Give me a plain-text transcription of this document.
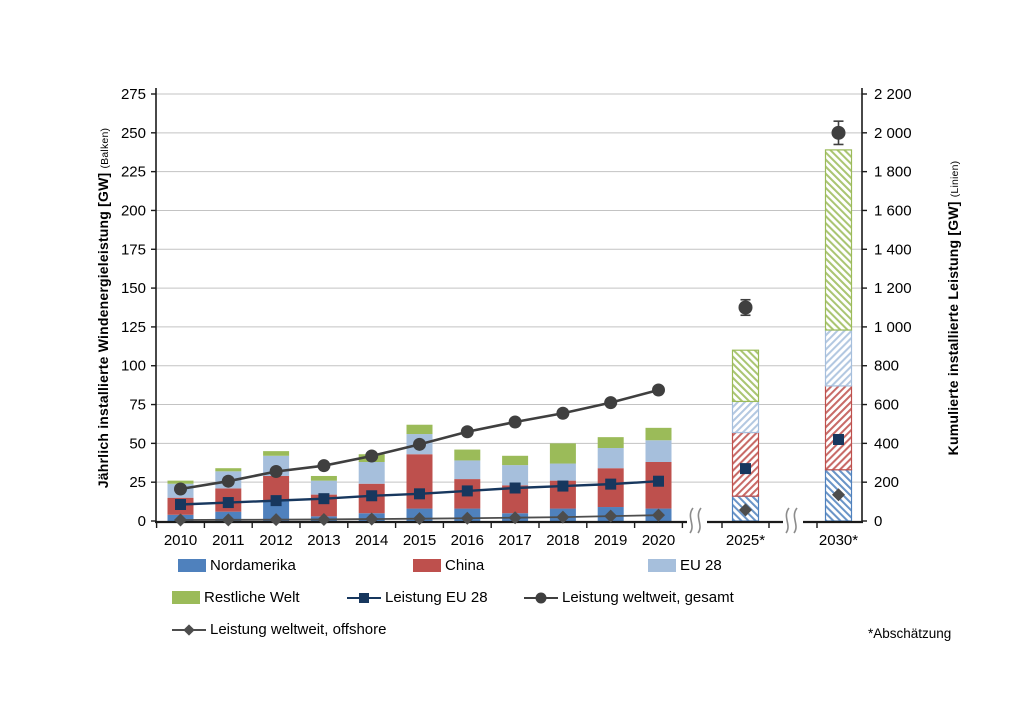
0
25
50
75
100
125
150
175
200
225
250
275
0
200
400
600
800
1 000
1 200
1 400
1 600
1 800
2 000
2 200
2010 2011 2012 2013 2014 2015 2016 2017 2018 2019 2020	2025*	2030*
Jährlich installierte Windenergieleistung [GW] (Balken)
Kumulierte installierte Leistung [GW] (Linien)
Nordamerika	China	EU 28
Restliche Welt	Leistung EU 28	Leistung weltweit, gesamt
Leistung weltweit, offshore	*Abschätzung
